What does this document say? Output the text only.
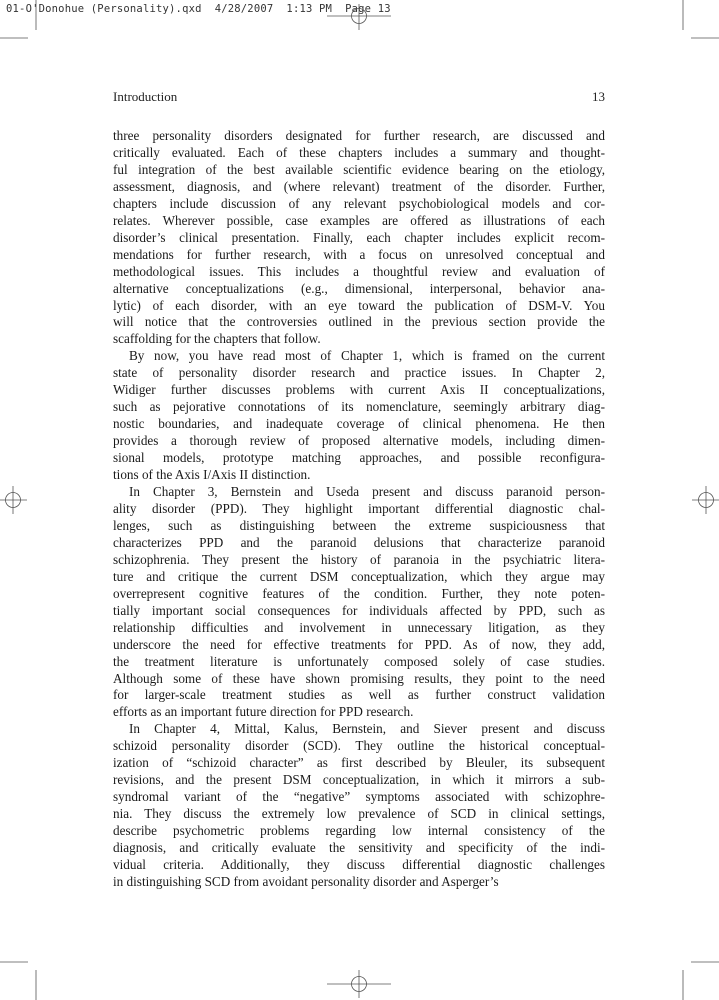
01-O'Donohue (Personality).qxd  4/28/2007  1:13 PM  Page 13
Introduction	13

three personality disorders designated for further research, are discussed and
critically evaluated. Each of these chapters includes a summary and thought-
ful integration of the best available scientific evidence bearing on the etiology,
assessment, diagnosis, and (where relevant) treatment of the disorder. Further,
chapters include discussion of any relevant psychobiological models and cor-
relates. Wherever possible, case examples are offered as illustrations of each
disorder’s clinical presentation. Finally, each chapter includes explicit recom-
mendations for further research, with a focus on unresolved conceptual and
methodological issues. This includes a thoughtful review and evaluation of
alternative conceptualizations (e.g., dimensional, interpersonal, behavior ana-
lytic) of each disorder, with an eye toward the publication of DSM-V. You
will notice that the controversies outlined in the previous section provide the
scaffolding for the chapters that follow.

By now, you have read most of Chapter 1, which is framed on the current
state of personality disorder research and practice issues. In Chapter 2,
Widiger further discusses problems with current Axis II conceptualizations,
such as pejorative connotations of its nomenclature, seemingly arbitrary diag-
nostic boundaries, and inadequate coverage of clinical phenomena. He then
provides a thorough review of proposed alternative models, including dimen-
sional models, prototype matching approaches, and possible reconfigura-
tions of the Axis I/Axis II distinction.

In Chapter 3, Bernstein and Useda present and discuss paranoid person-
ality disorder (PPD). They highlight important differential diagnostic chal-
lenges, such as distinguishing between the extreme suspiciousness that
characterizes PPD and the paranoid delusions that characterize paranoid
schizophrenia. They present the history of paranoia in the psychiatric litera-
ture and critique the current DSM conceptualization, which they argue may
overrepresent cognitive features of the condition. Further, they note poten-
tially important social consequences for individuals affected by PPD, such as
relationship difficulties and involvement in unnecessary litigation, as they
underscore the need for effective treatments for PPD. As of now, they add,
the treatment literature is unfortunately composed solely of case studies.
Although some of these have shown promising results, they point to the need
for larger-scale treatment studies as well as further construct validation
efforts as an important future direction for PPD research.

In Chapter 4, Mittal, Kalus, Bernstein, and Siever present and discuss
schizoid personality disorder (SCD). They outline the historical conceptual-
ization of “schizoid character” as first described by Bleuler, its subsequent
revisions, and the present DSM conceptualization, in which it mirrors a sub-
syndromal variant of the “negative” symptoms associated with schizophre-
nia. They discuss the extremely low prevalence of SCD in clinical settings,
describe psychometric problems regarding low internal consistency of the
diagnosis, and critically evaluate the sensitivity and specificity of the indi-
vidual criteria. Additionally, they discuss differential diagnostic challenges
in distinguishing SCD from avoidant personality disorder and Asperger’s
